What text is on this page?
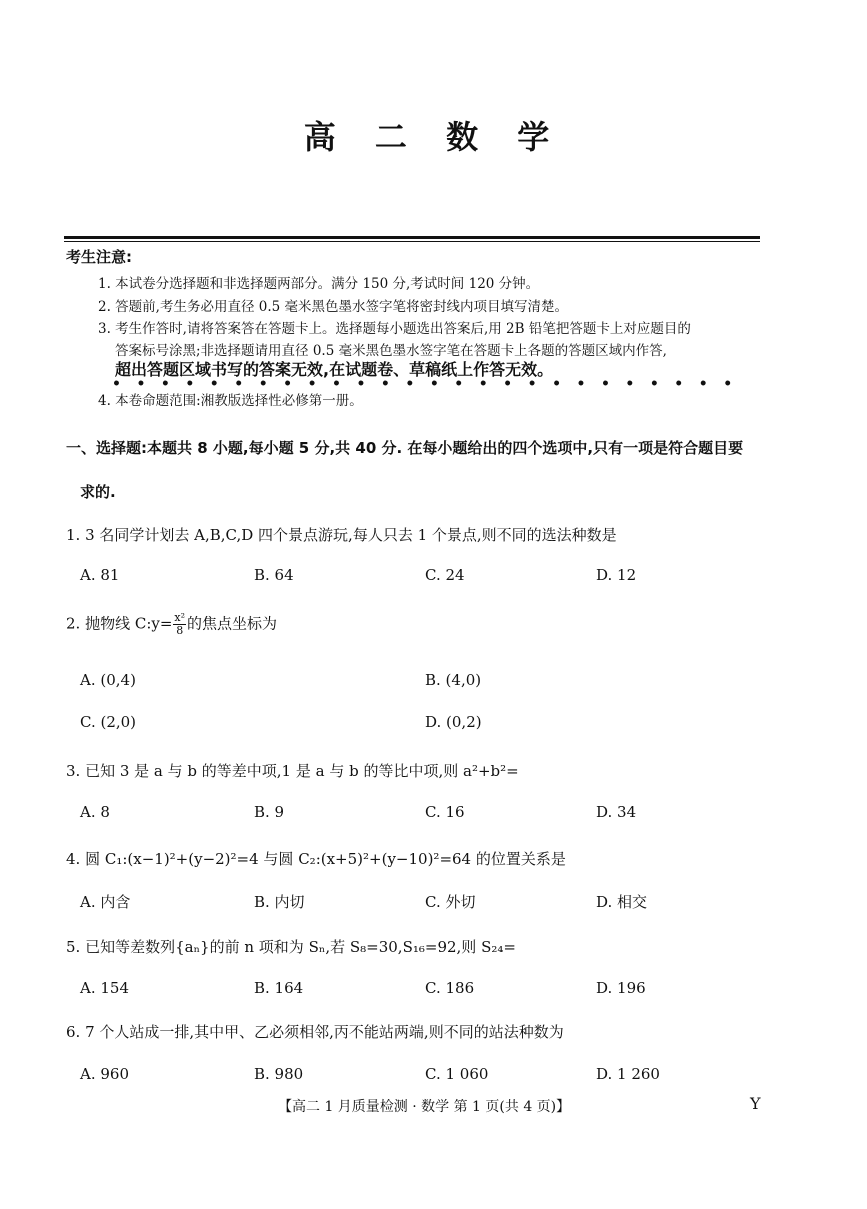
高 二 数 学
考生注意:
1. 本试卷分选择题和非选择题两部分。满分 150 分,考试时间 120 分钟。
2. 答题前,考生务必用直径 0.5 毫米黑色墨水签字笔将密封线内项目填写清楚。
3. 考生作答时,请将答案答在答题卡上。选择题每小题选出答案后,用 2B 铅笔把答题卡上对应题目的
答案标号涂黑;非选择题请用直径 0.5 毫米黑色墨水签字笔在答题卡上各题的答题区域内作答,
超出答题区域书写的答案无效,在试题卷、草稿纸上作答无效。
••••••••••••••••••••••••••
4. 本卷命题范围:湘教版选择性必修第一册。
一、选择题:本题共 8 小题,每小题 5 分,共 40 分. 在每小题给出的四个选项中,只有一项是符合题目要
求的.
1. 3 名同学计划去 A,B,C,D 四个景点游玩,每人只去 1 个景点,则不同的选法种数是
A. 81	B. 64	C. 24	D. 12
2. 抛物线 C:y= $\frac{\text{x²}}{8}$ 的焦点坐标为
A. (0,4)	B. (4,0)
C. (2,0)	D. (0,2)
3. 已知 3 是 a 与 b 的等差中项,1 是 a 与 b 的等比中项,则 a²+b²=
A. 8	B. 9	C. 16	D. 34
4. 圆 C₁:(x−1)²+(y−2)²=4 与圆 C₂:(x+5)²+(y−10)²=64 的位置关系是
A. 内含	B. 内切	C. 外切	D. 相交
5. 已知等差数列{aₙ}的前 n 项和为 Sₙ,若 S₈=30,S₁₆=92,则 S₂₄=
A. 154	B. 164	C. 186	D. 196
6. 7 个人站成一排,其中甲、乙必须相邻,丙不能站两端,则不同的站法种数为
A. 960	B. 980	C. 1 060	D. 1 260
【高二 1 月质量检测 · 数学 第 1 页(共 4 页)】	Y
